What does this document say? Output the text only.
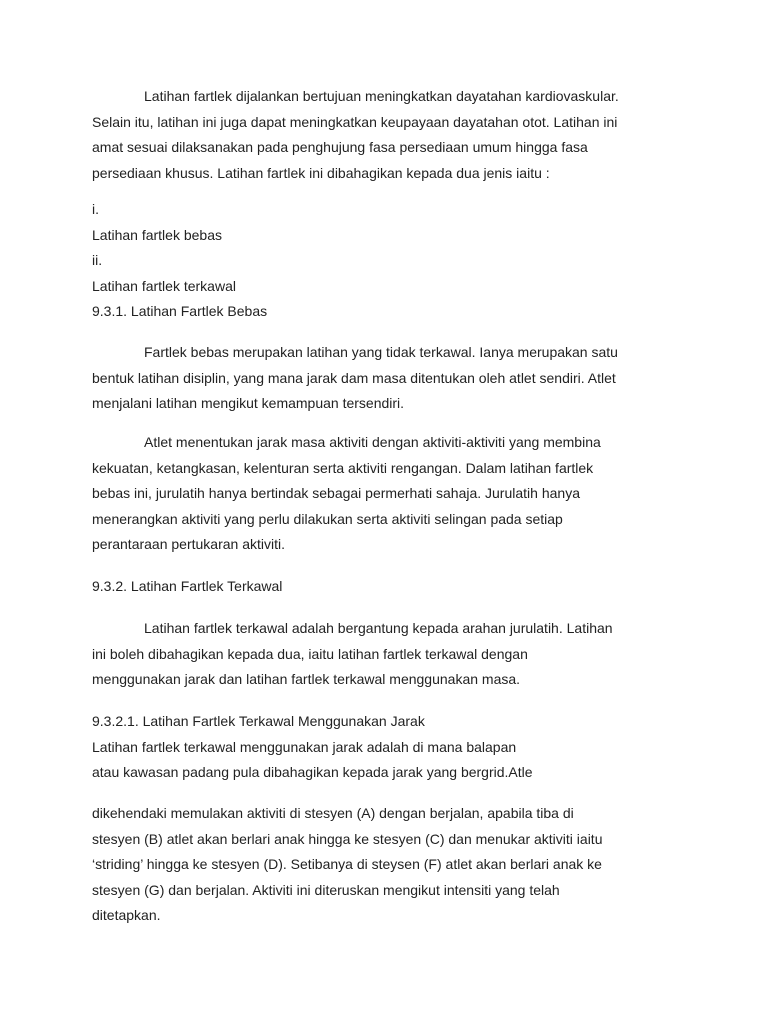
Latihan fartlek dijalankan bertujuan meningkatkan dayatahan kardiovaskular.
Selain itu, latihan ini juga dapat meningkatkan keupayaan dayatahan otot. Latihan ini
amat sesuai dilaksanakan pada penghujung fasa persediaan umum hingga fasa
persediaan khusus. Latihan fartlek ini dibahagikan kepada dua jenis iaitu :
i.
Latihan fartlek bebas
ii.
Latihan fartlek terkawal
9.3.1. Latihan Fartlek Bebas
Fartlek bebas merupakan latihan yang tidak terkawal. Ianya merupakan satu
bentuk latihan disiplin, yang mana jarak dam masa ditentukan oleh atlet sendiri. Atlet
menjalani latihan mengikut kemampuan tersendiri.
Atlet menentukan jarak masa aktiviti dengan aktiviti-aktiviti yang membina
kekuatan, ketangkasan, kelenturan serta aktiviti rengangan. Dalam latihan fartlek
bebas ini, jurulatih hanya bertindak sebagai permerhati sahaja. Jurulatih hanya
menerangkan aktiviti yang perlu dilakukan serta aktiviti selingan pada setiap
perantaraan pertukaran aktiviti.
9.3.2. Latihan Fartlek Terkawal
Latihan fartlek terkawal adalah bergantung kepada arahan jurulatih. Latihan
ini boleh dibahagikan kepada dua, iaitu latihan fartlek terkawal dengan
menggunakan jarak dan latihan fartlek terkawal menggunakan masa.
9.3.2.1. Latihan Fartlek Terkawal Menggunakan Jarak
Latihan fartlek terkawal menggunakan jarak adalah di mana balapan
atau kawasan padang pula dibahagikan kepada jarak yang bergrid.Atle
dikehendaki memulakan aktiviti di stesyen (A) dengan berjalan, apabila tiba di
stesyen (B) atlet akan berlari anak hingga ke stesyen (C) dan menukar aktiviti iaitu
‘striding’ hingga ke stesyen (D). Setibanya di steysen (F) atlet akan berlari anak ke
stesyen (G) dan berjalan. Aktiviti ini diteruskan mengikut intensiti yang telah
ditetapkan.
